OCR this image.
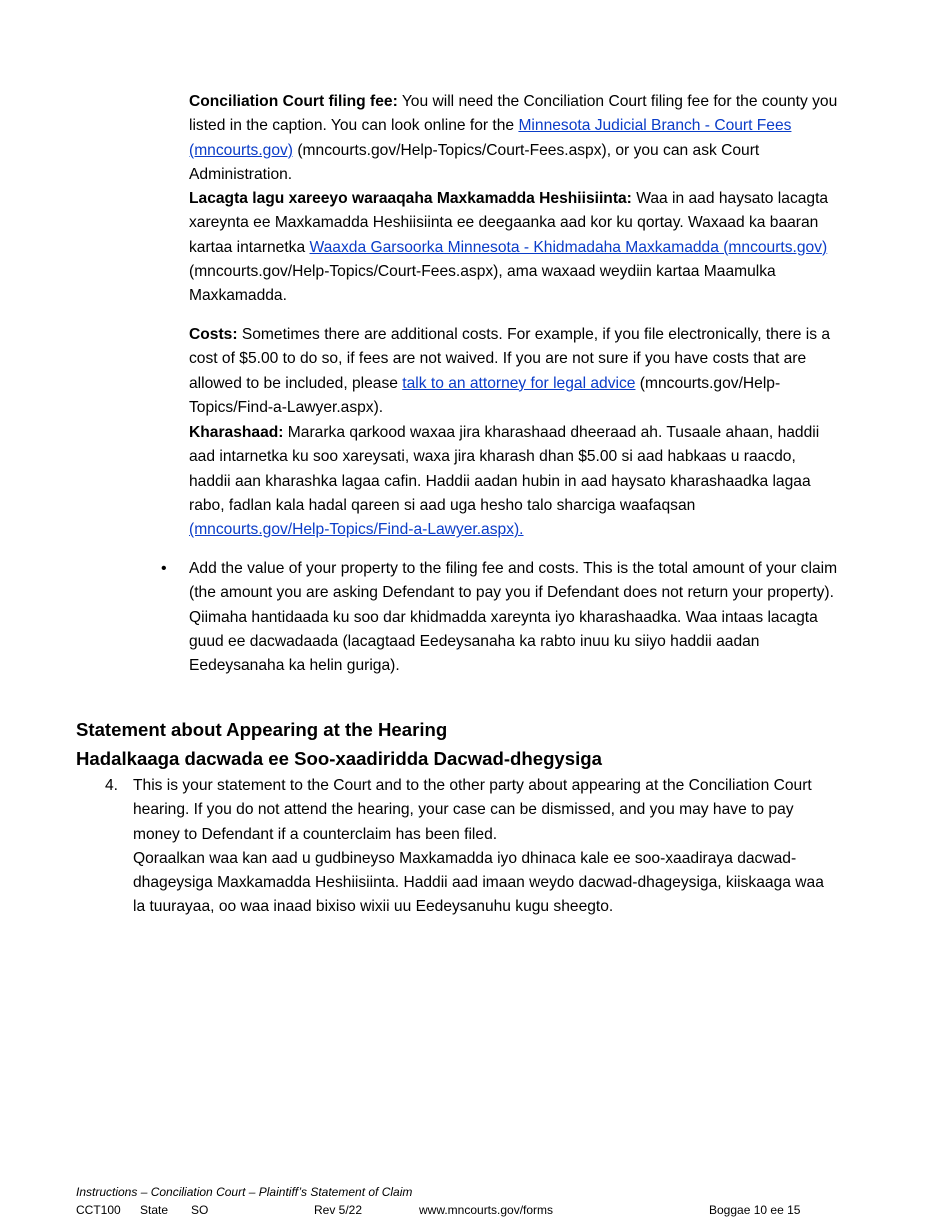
Conciliation Court filing fee: You will need the Conciliation Court filing fee for the county you listed in the caption. You can look online for the Minnesota Judicial Branch - Court Fees (mncourts.gov) (mncourts.gov/Help-Topics/Court-Fees.aspx), or you can ask Court Administration.

Lacagta lagu xareeyo waraaqaha Maxkamadda Heshiisiinta: Waa in aad haysato lacagta xareynta ee Maxkamadda Heshiisiinta ee deegaanka aad kor ku qortay. Waxaad ka baaran kartaa intarnetka Waaxda Garsoorka Minnesota - Khidmadaha Maxkamadda (mncourts.gov) (mncourts.gov/Help-Topics/Court-Fees.aspx), ama waxaad weydiin kartaa Maamulka Maxkamadda.

Costs: Sometimes there are additional costs. For example, if you file electronically, there is a cost of $5.00 to do so, if fees are not waived. If you are not sure if you have costs that are allowed to be included, please talk to an attorney for legal advice (mncourts.gov/Help-Topics/Find-a-Lawyer.aspx).

Kharashaad: Mararka qarkood waxaa jira kharashaad dheeraad ah. Tusaale ahaan, haddii aad intarnetka ku soo xareysati, waxa jira kharash dhan $5.00 si aad habkaas u raacdo, haddii aan kharashka lagaa cafin. Haddii aadan hubin in aad haysato kharashaadka lagaa rabo, fadlan kala hadal qareen si aad uga hesho talo sharciga waafaqsan (mncourts.gov/Help-Topics/Find-a-Lawyer.aspx).

• Add the value of your property to the filing fee and costs. This is the total amount of your claim (the amount you are asking Defendant to pay you if Defendant does not return your property).

Qiimaha hantidaada ku soo dar khidmadda xareynta iyo kharashaadka. Waa intaas lacagta guud ee dacwadaada (lacagtaad Eedeysanaha ka rabto inuu ku siiyo haddii aadan Eedeysanaha ka helin guriga).

Statement about Appearing at the Hearing
Hadalkaaga dacwada ee Soo-xaadiridda Dacwad-dhegysiga
4. This is your statement to the Court and to the other party about appearing at the Conciliation Court hearing. If you do not attend the hearing, your case can be dismissed, and you may have to pay money to Defendant if a counterclaim has been filed.

Qoraalkan waa kan aad u gudbineyso Maxkamadda iyo dhinaca kale ee soo-xaadiraya dacwad-dhageysiga Maxkamadda Heshiisiinta. Haddii aad imaan weydo dacwad-dhageysiga, kiiskaaga waa la tuurayaa, oo waa inaad bixiso wixii uu Eedeysanuhu kugu sheegto.

Instructions – Conciliation Court – Plaintiff’s Statement of Claim
CCT100 State SO	Rev 5/22	www.mncourts.gov/forms	Boggae 10 ee 15
